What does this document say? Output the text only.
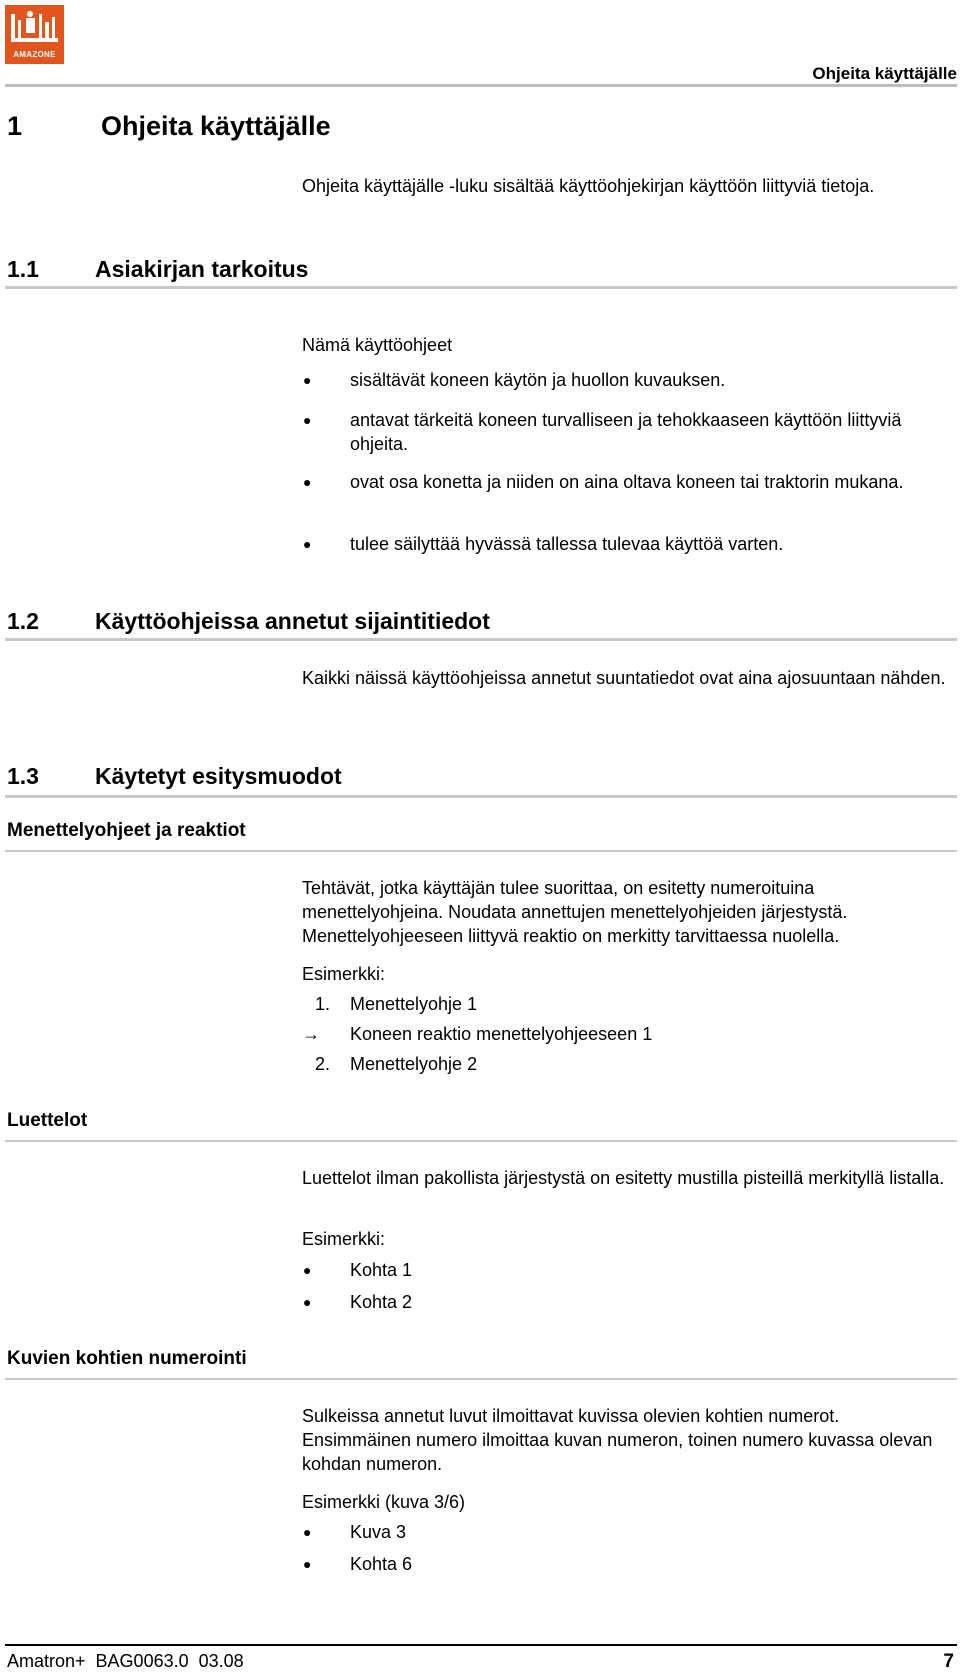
AMAZONE
Ohjeita käyttäjälle
1	Ohjeita käyttäjälle
Ohjeita käyttäjälle -luku sisältää käyttöohjekirjan käyttöön liittyviä tietoja.
1.1 Asiakirjan tarkoitus
Nämä käyttöohjeet
●	sisältävät koneen käytön ja huollon kuvauksen.
●	antavat tärkeitä koneen turvalliseen ja tehokkaaseen käyttöön liittyviä ohjeita.
●	ovat osa konetta ja niiden on aina oltava koneen tai traktorin mukana.
●	tulee säilyttää hyvässä tallessa tulevaa käyttöä varten.
1.2 Käyttöohjeissa annetut sijaintitiedot
Kaikki näissä käyttöohjeissa annetut suuntatiedot ovat aina ajosuuntaan nähden.
1.3 Käytetyt esitysmuodot
Menettelyohjeet ja reaktiot
Tehtävät, jotka käyttäjän tulee suorittaa, on esitetty numeroituina menettelyohjeina. Noudata annettujen menettelyohjeiden järjestystä. Menettelyohjeeseen liittyvä reaktio on merkitty tarvittaessa nuolella.
Esimerkki:
1.	Menettelyohje 1
→	Koneen reaktio menettelyohjeeseen 1
2.	Menettelyohje 2
Luettelot
Luettelot ilman pakollista järjestystä on esitetty mustilla pisteillä merkityllä listalla.
Esimerkki:
●	Kohta 1
●	Kohta 2
Kuvien kohtien numerointi
Sulkeissa annetut luvut ilmoittavat kuvissa olevien kohtien numerot. Ensimmäinen numero ilmoittaa kuvan numeron, toinen numero kuvassa olevan kohdan numeron.
Esimerkki (kuva 3/6)
●	Kuva 3
●	Kohta 6
Amatron+  BAG0063.0  03.08	7
